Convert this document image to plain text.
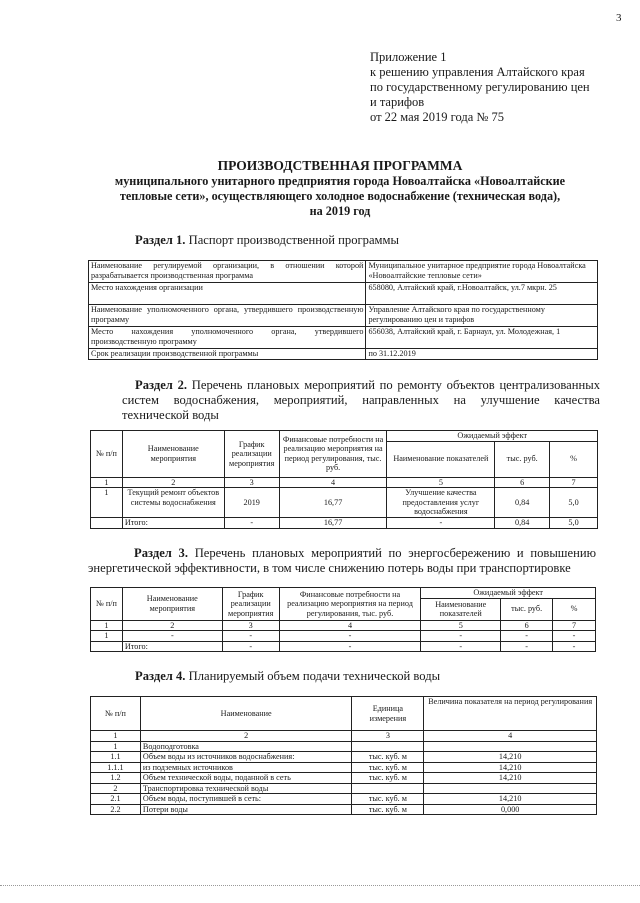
3
Приложение 1
к решению управления Алтайского края
по государственному регулированию цен
и тарифов
от 22 мая 2019 года № 75
ПРОИЗВОДСТВЕННАЯ ПРОГРАММА
муниципального унитарного предприятия города Новоалтайска «Новоалтайские
тепловые сети», осуществляющего холодное водоснабжение (техническая вода),
на 2019 год
Раздел 1. Паспорт производственной программы
Наименование регулируемой организации, в отношении которой разрабатывается производственная программа	Муниципальное унитарное предприятие города Новоалтайска «Новоалтайские тепловые сети»
Место нахождения организации	658080, Алтайский край, г.Новоалтайск, ул.7 мкрн. 25
Наименование уполномоченного органа, утвердившего производственную программу	Управление Алтайского края по государственному регулированию цен и тарифов
Место нахождения уполномоченного органа, утвердившего производственную программу	656038, Алтайский край, г. Барнаул, ул. Молодежная, 1
Срок реализации производственной программы	по 31.12.2019
Раздел 2. Перечень плановых мероприятий по ремонту объектов централизованных систем водоснабжения, мероприятий, направленных на улучшение качества технической воды
№ п/п	Наименование мероприятия	График реализации мероприятия	Финансовые потребности на реализацию мероприятия на период регулирования, тыс. руб.	Ожидаемый эффект		
				Наименование показателей	тыс. руб.	%
1	2	3	4	5	6	7
1	Текущий ремонт объектов системы водоснабжения	2019	16,77	Улучшение качества предоставления услуг водоснабжения	0,84	5,0
	Итого:	-	16,77	-	0,84	5,0
Раздел 3. Перечень плановых мероприятий по энергосбережению и повышению энергетической эффективности, в том числе снижению потерь воды при транспортировке
№ п/п	Наименование мероприятия	График реализации мероприятия	Финансовые потребности на реализацию мероприятия на период регулирования, тыс. руб.	Ожидаемый эффект		
				Наименование показателей	тыс. руб.	%
1	2	3	4	5	6	7
1	-	-	-	-	-	-
	Итого:	-	-	-	-	-
Раздел 4. Планируемый объем подачи технической воды
№ п/п	Наименование	Единица измерения	Величина показателя на период регулирования
1	2	3	4
1	Водоподготовка		
1.1	Объем воды из источников водоснабжения:	тыс. куб. м	14,210
1.1.1	из подземных источников	тыс. куб. м	14,210
1.2	Объем технической воды, поданной в сеть	тыс. куб. м	14,210
2	Транспортировка технической воды		
2.1	Объем воды, поступившей в сеть:	тыс. куб. м	14,210
2.2	Потери воды	тыс. куб. м	0,000
